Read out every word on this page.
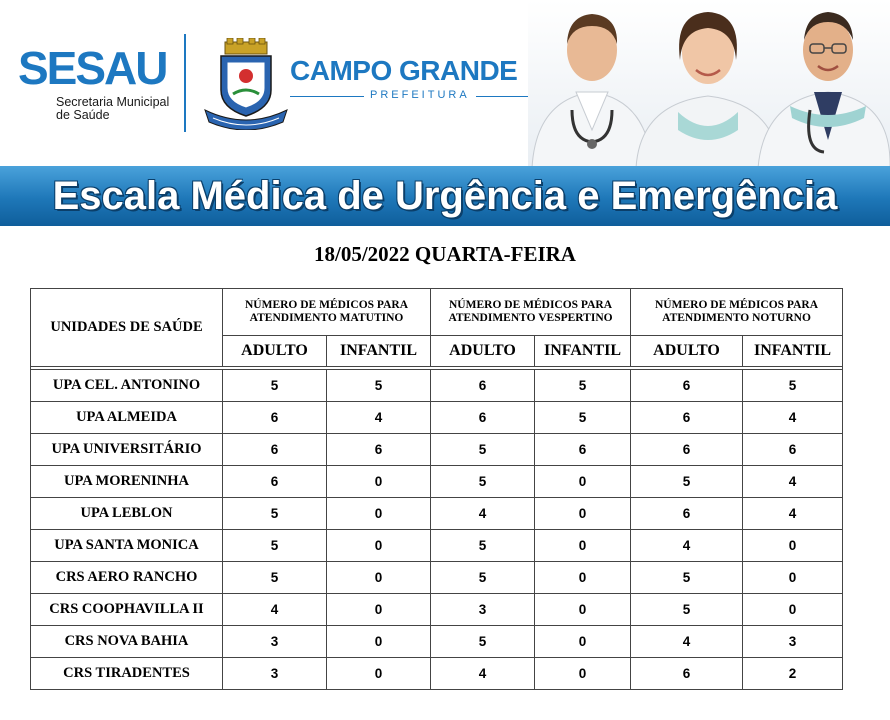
SESAU
Secretaria Municipal
de Saúde
CAMPO GRANDE
PREFEITURA
Escala Médica de Urgência e Emergência
18/05/2022 QUARTA-FEIRA
UNIDADES DE SAÚDE	NÚMERO DE MÉDICOS PARA ATENDIMENTO MATUTINO		NÚMERO DE MÉDICOS PARA ATENDIMENTO VESPERTINO		NÚMERO DE MÉDICOS PARA ATENDIMENTO NOTURNO	
	ADULTO	INFANTIL	ADULTO	INFANTIL	ADULTO	INFANTIL

UPA CEL. ANTONINO	5	5	6	5	6	5
UPA ALMEIDA	6	4	6	5	6	4
UPA UNIVERSITÁRIO	6	6	5	6	6	6
UPA MORENINHA	6	0	5	0	5	4
UPA LEBLON	5	0	4	0	6	4
UPA SANTA MONICA	5	0	5	0	4	0
CRS AERO RANCHO	5	0	5	0	5	0
CRS COOPHAVILLA II	4	0	3	0	5	0
CRS NOVA BAHIA	3	0	5	0	4	3
CRS TIRADENTES	3	0	4	0	6	2
